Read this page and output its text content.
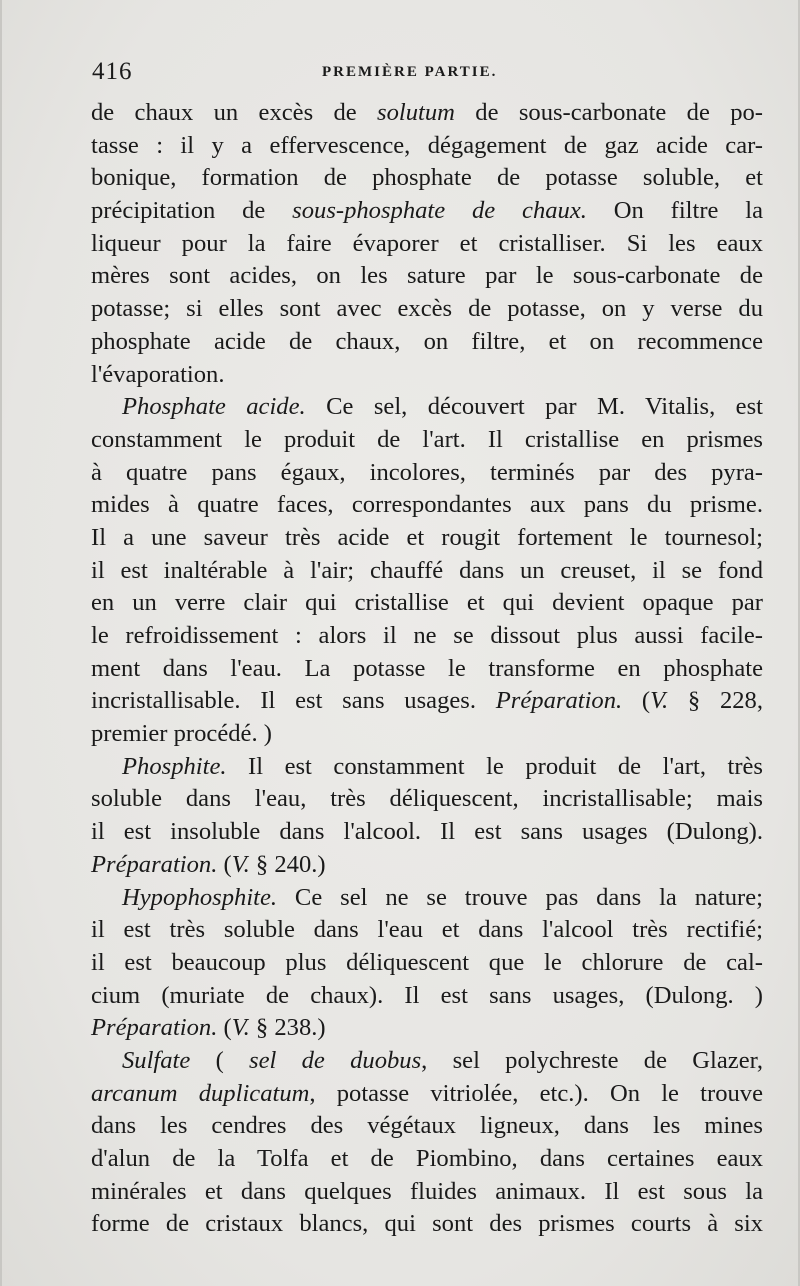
416	PREMIÈRE PARTIE.
de chaux un excès de solutum de sous-carbonate de po-
tasse : il y a effervescence, dégagement de gaz acide car-
bonique, formation de phosphate de potasse soluble, et
précipitation de sous-phosphate de chaux. On filtre la
liqueur pour la faire évaporer et cristalliser. Si les eaux
mères sont acides, on les sature par le sous-carbonate de
potasse; si elles sont avec excès de potasse, on y verse du
phosphate acide de chaux, on filtre, et on recommence
l'évaporation.
Phosphate acide. Ce sel, découvert par M. Vitalis, est
constamment le produit de l'art. Il cristallise en prismes
à quatre pans égaux, incolores, terminés par des pyra-
mides à quatre faces, correspondantes aux pans du prisme.
Il a une saveur très acide et rougit fortement le tournesol;
il est inaltérable à l'air; chauffé dans un creuset, il se fond
en un verre clair qui cristallise et qui devient opaque par
le refroidissement : alors il ne se dissout plus aussi facile-
ment dans l'eau. La potasse le transforme en phosphate
incristallisable. Il est sans usages. Préparation. (V. § 228,
premier procédé. )
Phosphite. Il est constamment le produit de l'art, très
soluble dans l'eau, très déliquescent, incristallisable; mais
il est insoluble dans l'alcool. Il est sans usages (Dulong).
Préparation. (V. § 240.)
Hypophosphite. Ce sel ne se trouve pas dans la nature;
il est très soluble dans l'eau et dans l'alcool très rectifié;
il est beaucoup plus déliquescent que le chlorure de cal-
cium (muriate de chaux). Il est sans usages, (Dulong. )
Préparation. (V. § 238.)
Sulfate ( sel de duobus, sel polychreste de Glazer,
arcanum duplicatum, potasse vitriolée, etc.). On le trouve
dans les cendres des végétaux ligneux, dans les mines
d'alun de la Tolfa et de Piombino, dans certaines eaux
minérales et dans quelques fluides animaux. Il est sous la
forme de cristaux blancs, qui sont des prismes courts à six
